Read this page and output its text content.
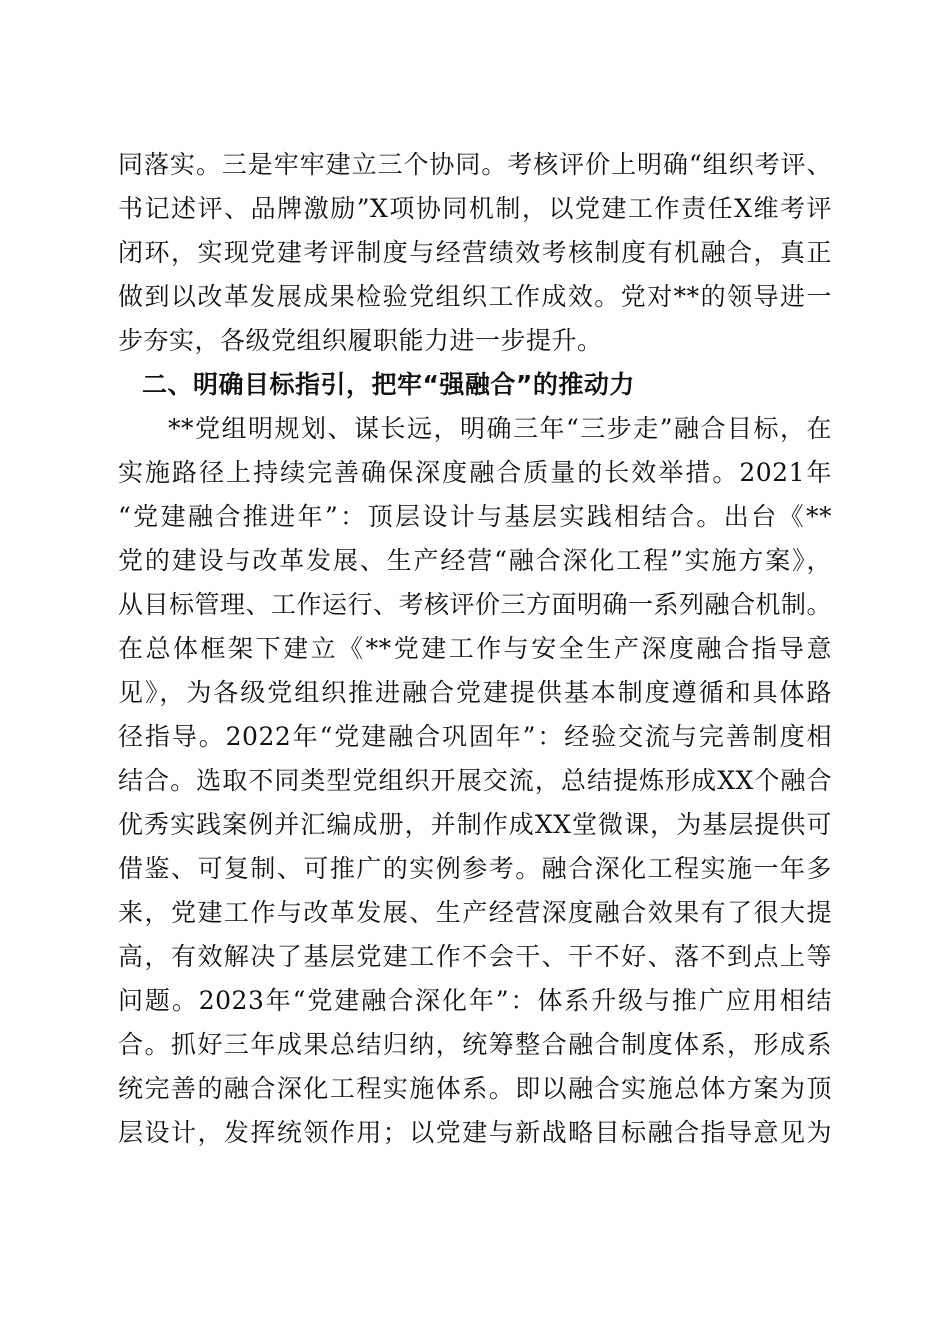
同落实。三是牢牢建立三个协同。考核评价上明确“组织考评、
书记述评、品牌激励”X项协同机制，以党建工作责任X维考评
闭环，实现党建考评制度与经营绩效考核制度有机融合，真正
做到以改革发展成果检验党组织工作成效。党对**的领导进一
步夯实，各级党组织履职能力进一步提升。
二、明确目标指引，把牢“强融合”的推动力
**党组明规划、谋长远，明确三年“三步走”融合目标，在
实施路径上持续完善确保深度融合质量的长效举措。2021年
“党建融合推进年”：顶层设计与基层实践相结合。出台《**
党的建设与改革发展、生产经营“融合深化工程”实施方案》，
从目标管理、工作运行、考核评价三方面明确一系列融合机制。
在总体框架下建立《**党建工作与安全生产深度融合指导意
见》，为各级党组织推进融合党建提供基本制度遵循和具体路
径指导。2022年“党建融合巩固年”：经验交流与完善制度相
结合。选取不同类型党组织开展交流，总结提炼形成XX个融合
优秀实践案例并汇编成册，并制作成XX堂微课，为基层提供可
借鉴、可复制、可推广的实例参考。融合深化工程实施一年多
来，党建工作与改革发展、生产经营深度融合效果有了很大提
高，有效解决了基层党建工作不会干、干不好、落不到点上等
问题。2023年“党建融合深化年”：体系升级与推广应用相结
合。抓好三年成果总结归纳，统筹整合融合制度体系，形成系
统完善的融合深化工程实施体系。即以融合实施总体方案为顶
层设计，发挥统领作用；以党建与新战略目标融合指导意见为
